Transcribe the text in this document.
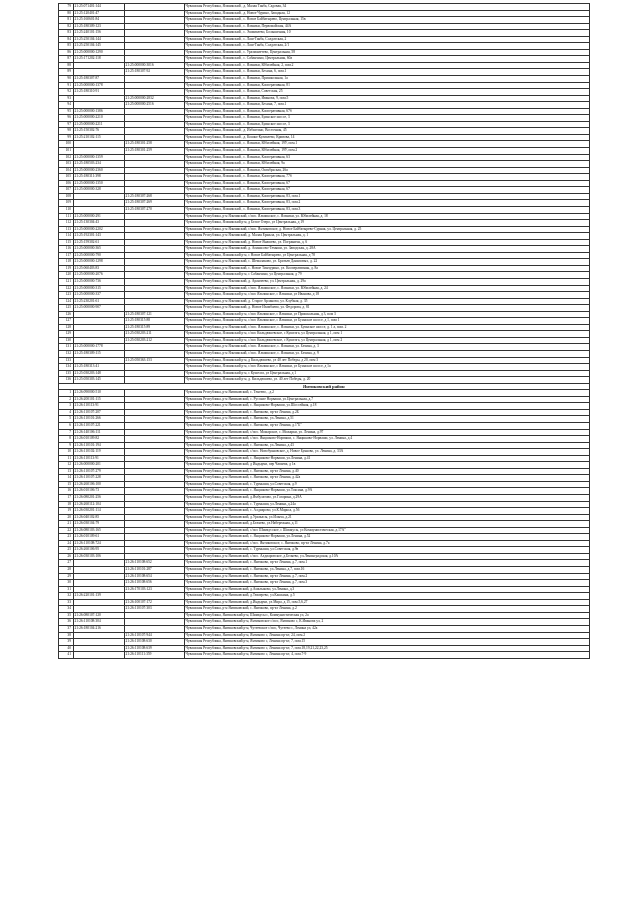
79	21:25:071401:144		Чувашская Республика, Яльчикский , д. Малая Таяба, Садовая, 34
80	21:25:120401:47		Чувашская Республика, Яльчикский , д. Новое Чурино, Западная, 12
81	21:25:160601:84		Чувашская Республика, Яльчикский , с. Новое Байбатырево, Центральная, 15в
82	21:25:180309:123		Чувашская Республика, Яльчикский , с. Яльчики, Первомайская, 44А
83	21:25:240101:156		Чувашская Республика, Яльчикский , с. Эшмикеево, Большичная, 10
84	21:25:250104:144		Чувашская Республика, Яльчикский , с. Лаш-Таяба, Солдатская, 2
85	21:25:250104:145		Чувашская Республика, Яльчикский , с. Лаш-Таяба, Солдатская, 2/1
86	21:25:000000:1290		Чувашская Республика, Яльчикский , с. Уразмаметево, Центральная, 58
87	21:25:171202:118		Чувашская Республика, Яльчикский , с. Сабанчино, Центральная, 60а
88		21:25:000000:3016	Чувашская Республика, Яльчикский , с. Яльчики, Юбилейная, 2, пом.2
89		21:25:180307:92	Чувашская Республика, Яльчикский , с. Яльчики, Бехина, 6, пом.1
90	21:25:180307:87		Чувашская Республика, Яльчикский , с. Яльчики, Пришкольная, 1а
91	21:25:000000:1378		Чувашская Республика, Яльчикский , с. Яльчики, Кооперативная, 81
92	21:25:180310:91		Чувашская Республика, Яльчикский , с. Яльчики, Советская, 25
93		21:25:000000:2832	Чувашская Республика, Яльчикский , с. Яльчики, Иванова, 9, пом.5
94		21:25:000000:2516	Чувашская Республика, Яльчикский , с. Яльчики, Бехина, 7, пом.1
95	21:25:000000:1386		Чувашская Республика, Яльчикский , с. Яльчики, Кооперативная, 67б
96	21:25:000000:2210		Чувашская Республика, Яльчикский , с. Яльчики, Буинское шоссе, 3
97	21:25:000000:2211		Чувашская Республика, Яльчикский , с. Яльчики, Буинское шоссе, 3
98	21:25:150302:76		Чувашская Республика, Яльчикский , д. Избахтино, Восточная, 45
99	21:25:210102:115		Чувашская Республика, Яльчикский , д. Кошки-Куликеево, Кривова, 14
100		21:25:180301:258	Чувашская Республика, Яльчикский , с. Яльчики, Юбилейная, 19У, пом.1
101		21:25:180301:259	Чувашская Республика, Яльчикский , с. Яльчики, Юбилейная, 19У, пом.2
102	21:25:000000:1359		Чувашская Республика, Яльчикский , с. Яльчики, Кооперативная, 63
103	21:25:180503:234		Чувашская Республика, Яльчикский , с. Яльчики, Юбилейная, 9а
104	21:25:000000:2360		Чувашская Республика, Яльчикский , с. Яльчики, Октябрьская, 26а
105	21:25:180311:398		Чувашская Республика, Яльчикский , с. Яльчики, Кооперативная, 77б
106	21:25:000000:1350		Чувашская Республика, Яльчикский , с. Яльчики, Кооперативная, 67
107	21:25:000000:328		Чувашская Республика, Яльчикский , с. Яльчики, Кооперативная, 67
108		21:25:180307:268	Чувашская Республика, Яльчикский , с. Яльчики, Кооперативная, 83, пом.1
109		21:25:180307:269	Чувашская Республика, Яльчикский , с. Яльчики, Кооперативная, 83, пом.2
110		21:25:180307:270	Чувашская Республика, Яльчикский , с. Яльчики, Кооперативная, 83, пом.3
111	21:25:000000:291		Чувашская Республика, р-н Яльчикский, с/пос. Яльчикское, с. Яльчики, ул. Юбилейная, д. 18
112	21:25:130304:43		Чувашская Республика, Яльчикский р-н, д Белое Озеро, ул Центральная, д 19
113	21:25:000000:2202		Чувашская Республика, р-н Яльчикский, с/пос. Янтиковское, д. Новое Байбатырево-Сурняк, ул. Центральная, д. 25
114	21:25:192301:143		Чувашская Республика, р-н Яльчикский, д. Малая Ерыкла, ул. Центральная, д. 1
115	21:25:159302:61		Чувашская Республика, р-н Яльчикский, д. Новое Янашево, ул. Пограничн, д. 6
116	21:25:000000:365		Чувашская Республика, р-н Яльчикский, д. Апанасово-Темяши, ул. Заводская, д. 28А
117	21:25:000000:790		Чувашская Республика, Яльчикский р-н, с Новое Байбатырево, ул Центральная, д 78
118	21:25:000000:1298		Чувашская Республика, р-н Яльчикский, с. Шемалаково, ул. Братьев Даниловых, д. 22
119	21:25:060403:83		Чувашская Республика, р-н Яльчикский, с. Новое Тинчурино, ул. Кооперативная, д. 8а
120	21:25:000000:2076		Чувашская Республика, Яльчикский р-н, с Сабанчино, ул Центральная, д 79
121	21:25:000000:736		Чувашская Республика, р-н Яльчикский, д. Аранчеево, ул. Центральная, д. 29а
122	21:25:000000:315		Чувашская Республика, р-н Яльчикский, с/пос. Яльчикское, с. Яльчики, ул. Юбилейная, д. 24
123	21:25:000000:337		Чувашская Республика, Яльчикский р-н, с/пос Яльчикское, с Яльчики, ул Иванова, д 18
124	21:25:230201:61		Чувашская Республика, р-н Яльчикский, д. Старое Арланово, ул. Клубная, д. 35
125	21:25:000000:907		Чувашская Республика, р-н Яльчикский, д. Новое Изамбаево, ул. Федорова, д. 81
126		21:25:180307:121	Чувашская Республика, Яльчикский р-н, с/пос Яльчикское, с Яльчики, ул Пришкольная, д 3, пом 3
127		21:25:180315:88	Чувашская Республика, Яльчикский р-н, с/пос Яльчикское, с Яльчики, ул Буинское шоссе, д 1, пом 1
128		21:25:180315:89	Чувашская Республика, р-н Яльчикский, с/пос. Яльчикское, с. Яльчики, ул. Буинское шоссе, д. 1 а, пом. 2
129		21:25:030203:211	Чувашская Республика, Яльчикский р-н, с/пос Кильдюшевское, с Кушелга, ул Центральная, д 1, пом 1
130		21:25:030203:212	Чувашская Республика, Яльчикский р-н, с/пос Кильдюшевское, с Кушелга, ул Центральная, д 1, пом 2
131	21:25:000000:1778		Чувашская Республика, р-н Яльчикский, с/пос. Яльчикское, с. Яльчики, ул. Бехина, д. 3
132	21:25:180309:115		Чувашская Республика, р-н Яльчикский, с/пос. Яльчикское, с. Яльчики, ул. Бехина, д. 9
133		21:25:050363:153	Чувашская Республика, Яльчикский р-н, д Кильдюшево, ул 40 лет Победы, д 20, пом 3
134	21:25:180313:41		Чувашская Республика, Яльчикский р-н, с/пос Яльчикское, с Яльчики, ул Буинское шоссе, д 1а
135	21:25:030203:148		Чувашская Республика, Яльчикский р-н, с Кушелга, ул Центральная, д 1
136	21:25:050303:145		Чувашская Республика, Яльчикский р-н, д. Кильдюшево, ул. 40 лет Победы, д. 20
Янтиковский район			
1	21:26:090000:510		Чувашская Республика, р-н Янтиковский, с. Тенеево, , д.2
2	21:26:200101:115		Чувашская Республика, р-н Янтиковский, с. Русские Норваши, ул.Центральная, д.7
3	21:26:110113:91		Чувашская Республика, р-н Янтиковский, с. Янцшково-Норваши, ул.Шоссейная, д.18
4	21:26:110107:207		Чувашская Республика, р-н Янтиковский, с. Янтиково, пр-кт Ленина, д.2Б
5	21:26:110101:266		Чувашская Республика, р-н Янтиковский, с. Янтиково, ул.Ленина, д.51
6	21:26:110107:221		Чувашская Республика, р-н Янтиковский, с. Янтиково, пр-кт Ленина, д.1"Б"
7	21:26:140106:111		Чувашская Республика, р-н Янтиковский, с/пос. Можарское, с. Можарки, ул. Ленина, д.97
8	21:26:010109:82		Чувашская Республика, р-н Янтиковский, с/пос. Янцшково-Норваши, с. Янцшково-Норваши, ул. Ленина, д.4
9	21:26:110101:194		Чувашская Республика, р-н Янтиковский, с. Янтиково, ул.Ленина, д.43
10	21:26:110102:119		Чувашская Республика, р-н Янтиковский, с/пос. Новобуяновское, д. Новое Буяново, ул. Ленина, д. 33А
11	21:26:110113:91		Чувашская Республика, р-н Янтиковский, с. Янцшково-Норваши, ул.Ленина, д.41
12	21:26:000000:201		Чувашская Республика, р-н Янтиковский, д Индырчи, пер Чапаева, д 1в
13	21:26:110107:279		Чувашская Республика, р-н Янтиковский, с. Янтиково, пр-кт Ленина, д.40
14	21:26:110107:228		Чувашская Республика, р-н Янтиковский, с. Янтиково, пр-кт Ленина, д.42а
15	21:26:260106:100		Чувашская Республика, р-н Янтиковский, с. Турмыши, ул.Советская, д.9
16	21:26:010106:73		Чувашская Республика, р-н Янтиковский, с. Янцшково-Норваши, ул.Токсина, д.9А
17	21:26:080201:256		Чувашская Республика, р-н Янтиковский, д.Ямбулатово, ул.Гагарина, д.29А
18	21:26:260112:104		Чувашская Республика, р-н Янтиковский, с. Турмыши, ул.Ленина, д.24а
19	21:26:030201:114		Чувашская Республика, р-н Янтиковский, с. Алдиарово, ул.К.Маркса, д.56
20	21:26:040102:85		Чувашская Республика, р-н Янтиковский, д.Уразкасы, ул.Илыча, д.21
21	21:26:030104:79		Чувашская Республика, р-н Янтиковский, д.Беляево, ул.Набережная, д.11
22	21:26:080103:165		Чувашская Республика, р-н Янтиковский, с/пос Шимкусское, с Шимкусы, ул Коммунистическая, д.17А"
23	21:26:010109:61		Чувашская Республика, р-н Янтиковский, с. Янцшково-Норваши, ул.Ленина, д.52
24	21:26:110108:724		Чувашская Республика, р-н Янтиковский, с/пос. Янтиковское, с. Янтиково, пр-кт Ленина, д.7а
25	21:26:260106:95		Чувашская Республика, р-н Янтиковский, с. Турмыши, ул.Советская, д.9в
26	21:26:030103:106		Чувашская Республика, р-н Янтиковский, с/пос. Алдиаровское, д.Беляево, ул.Ленинградская, д.10А
27		21:26:110108:652	Чувашская Республика, р-н Янтиковский, с. Янтиково, пр-кт Ленина, д.7, пом.1
28		21:26:110101:287	Чувашская Республика, р-н Янтиковский, с. Янтиково, ул.Ленина, д.7, пом.16
29		21:26:110108:654	Чувашская Республика, р-н Янтиковский, с. Янтиково, пр-кт Ленина, д.7, пом.2
30		21:26:110108:656	Чувашская Республика, р-н Янтиковский, с. Янтиково, пр-кт Ленина, д.7, пом.3
31		21:26:170103:123	Чувашская Республика, р-н Янтиковский, д.Амалыково, ул.Ленина, д.3
32	21:26:220101:139		Чувашская Республика, р-н Янтиковский, д.Тюмерево, ул.Кашкина, д.5
33		21:26:100107:172	Чувашская Республика, р-н Янтиковский, д.Индырчи, ул.Мира, д.15, пом.5,6,27
34		21:26:110107:303	Чувашская Республика, р-н Янтиковский, с. Янтиково, пр-кт Ленина, д.2
35	21:26:080107:120		Чувашская Республика, Янтиковский р-н, Шимкусы с, Коммунистическая ул, 2а
36	21:26:110108:304		Чувашская Республика, Янтиковский р-н, Янтиковское с/пос, Янтиково с, К.Иванова ул, 2
37	21:26:180104:216		Чувашская Республика, Янтиковский р-н, Чутеевское с/пос, Чутеево с, Ленина ул, 42а
38		21:26:110107:944	Чувашская Республика, Янтиковский р-н, Янтиково с, Ленина пр-кт, 24, пом.2
39		21:26:110108:630	Чувашская Республика, Янтиковский р-н, Янтиково с, Ленина пр-кт, 7, пом.15
40		21:26:110108:639	Чувашская Республика, Янтиковский р-н, Янтиково с, Ленина пр-кт, 7, пом.18,19,21,22,23,25
41		21:26:110111:359	Чувашская Республика, Янтиковский р-н, Янтиково с, Ленина пр-кт, 4, пом.7-9
